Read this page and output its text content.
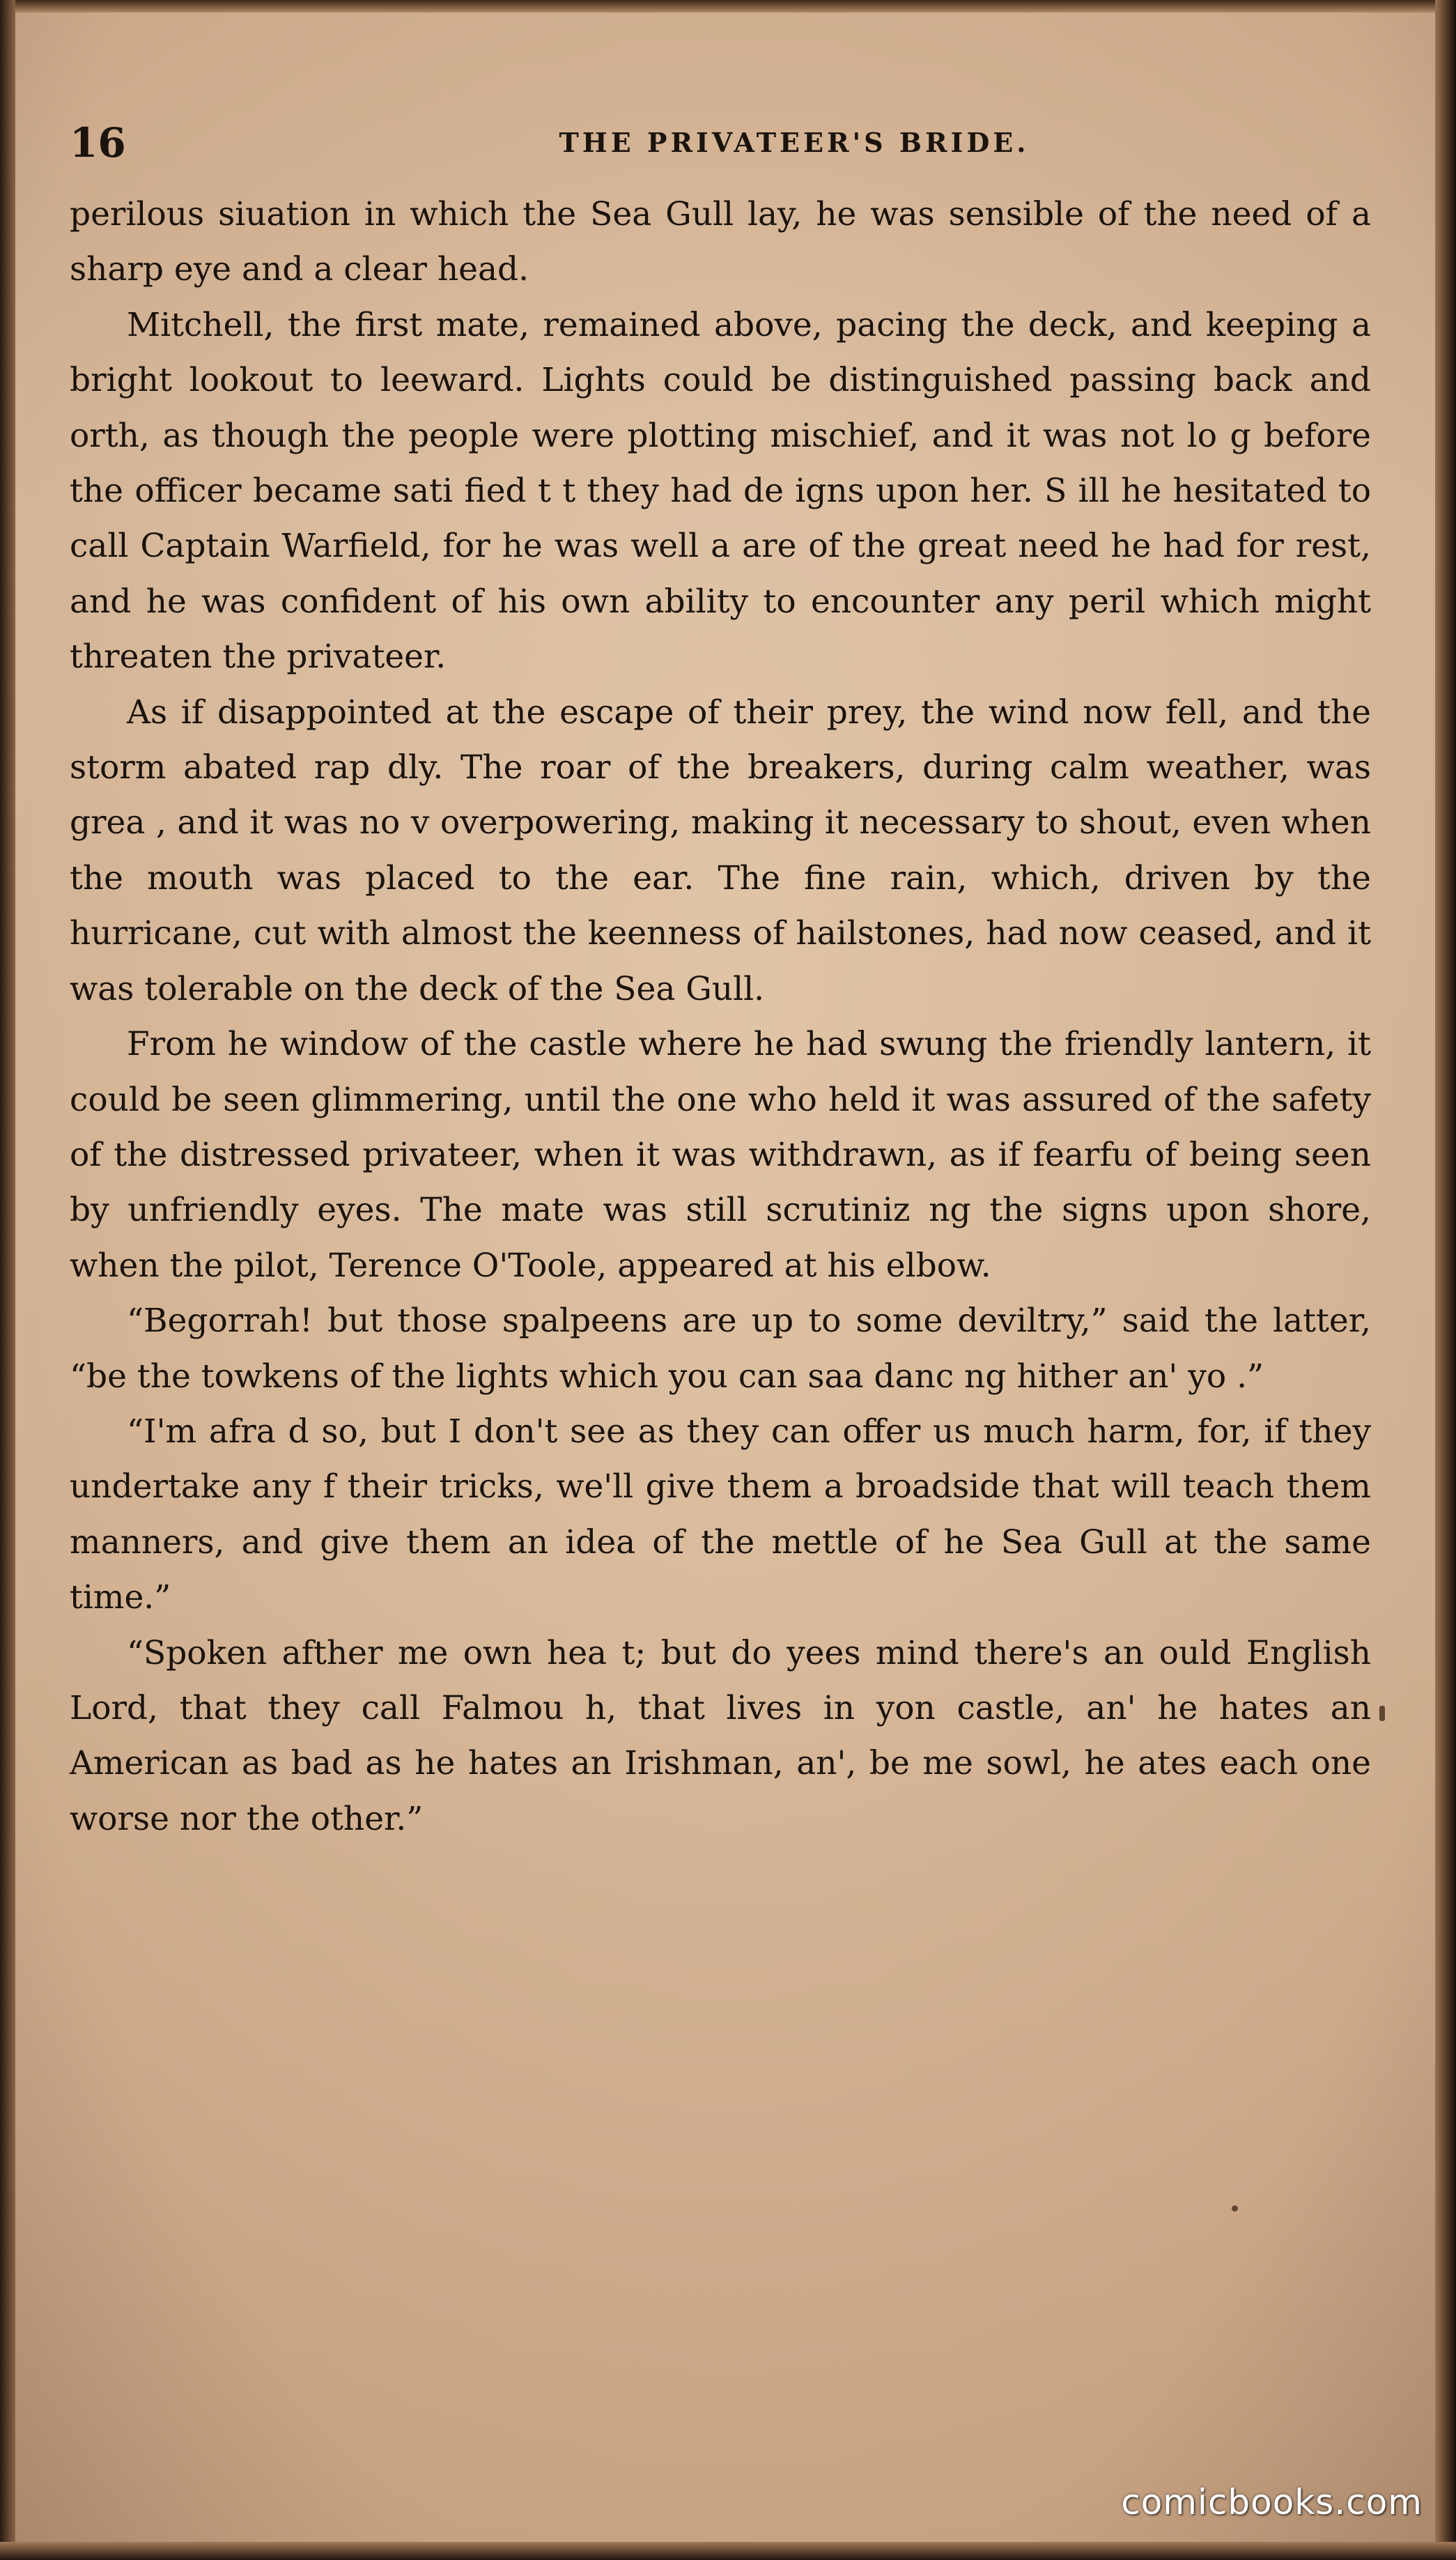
16	THE PRIVATEER'S BRIDE.

perilous siuation in which the Sea Gull lay, he was sensible of the need of a sharp eye and a clear head.

Mitchell, the first mate, remained above, pacing the deck, and keeping a bright lookout to leeward. Lights could be distinguished passing back and orth, as though the people were plotting mischief, and it was not lo g before the officer became sati fied t t they had de igns upon her. S ill he hesitated to call Captain Warfield, for he was well a are of the great need he had for rest, and he was confident of his own ability to encounter any peril which might threaten the privateer.

As if disappointed at the escape of their prey, the wind now fell, and the storm abated rap dly. The roar of the breakers, during calm weather, was grea , and it was no v overpowering, making it necessary to shout, even when the mouth was placed to the ear. The fine rain, which, driven by the hurricane, cut with almost the keenness of hailstones, had now ceased, and it was tolerable on the deck of the Sea Gull.

From he window of the castle where he had swung the friendly lantern, it could be seen glimmering, until the one who held it was assured of the safety of the distressed privateer, when it was withdrawn, as if fearfu of being seen by unfriendly eyes. The mate was still scrutiniz ng the signs upon shore, when the pilot, Terence O'Toole, appeared at his elbow.

“Begorrah! but those spalpeens are up to some deviltry,” said the latter, “be the towkens of the lights which you can saa danc ng hither an' yo .”

“I'm afra d so, but I don't see as they can offer us much harm, for, if they undertake any f their tricks, we'll give them a broadside that will teach them manners, and give them an idea of the mettle of he Sea Gull at the same time.”

“Spoken afther me own hea t; but do yees mind there's an ould English Lord, that they call Falmou h, that lives in yon castle, an' he hates an American as bad as he hates an Irishman, an', be me sowl, he ates each one worse nor the other.”

comicbooks.com
